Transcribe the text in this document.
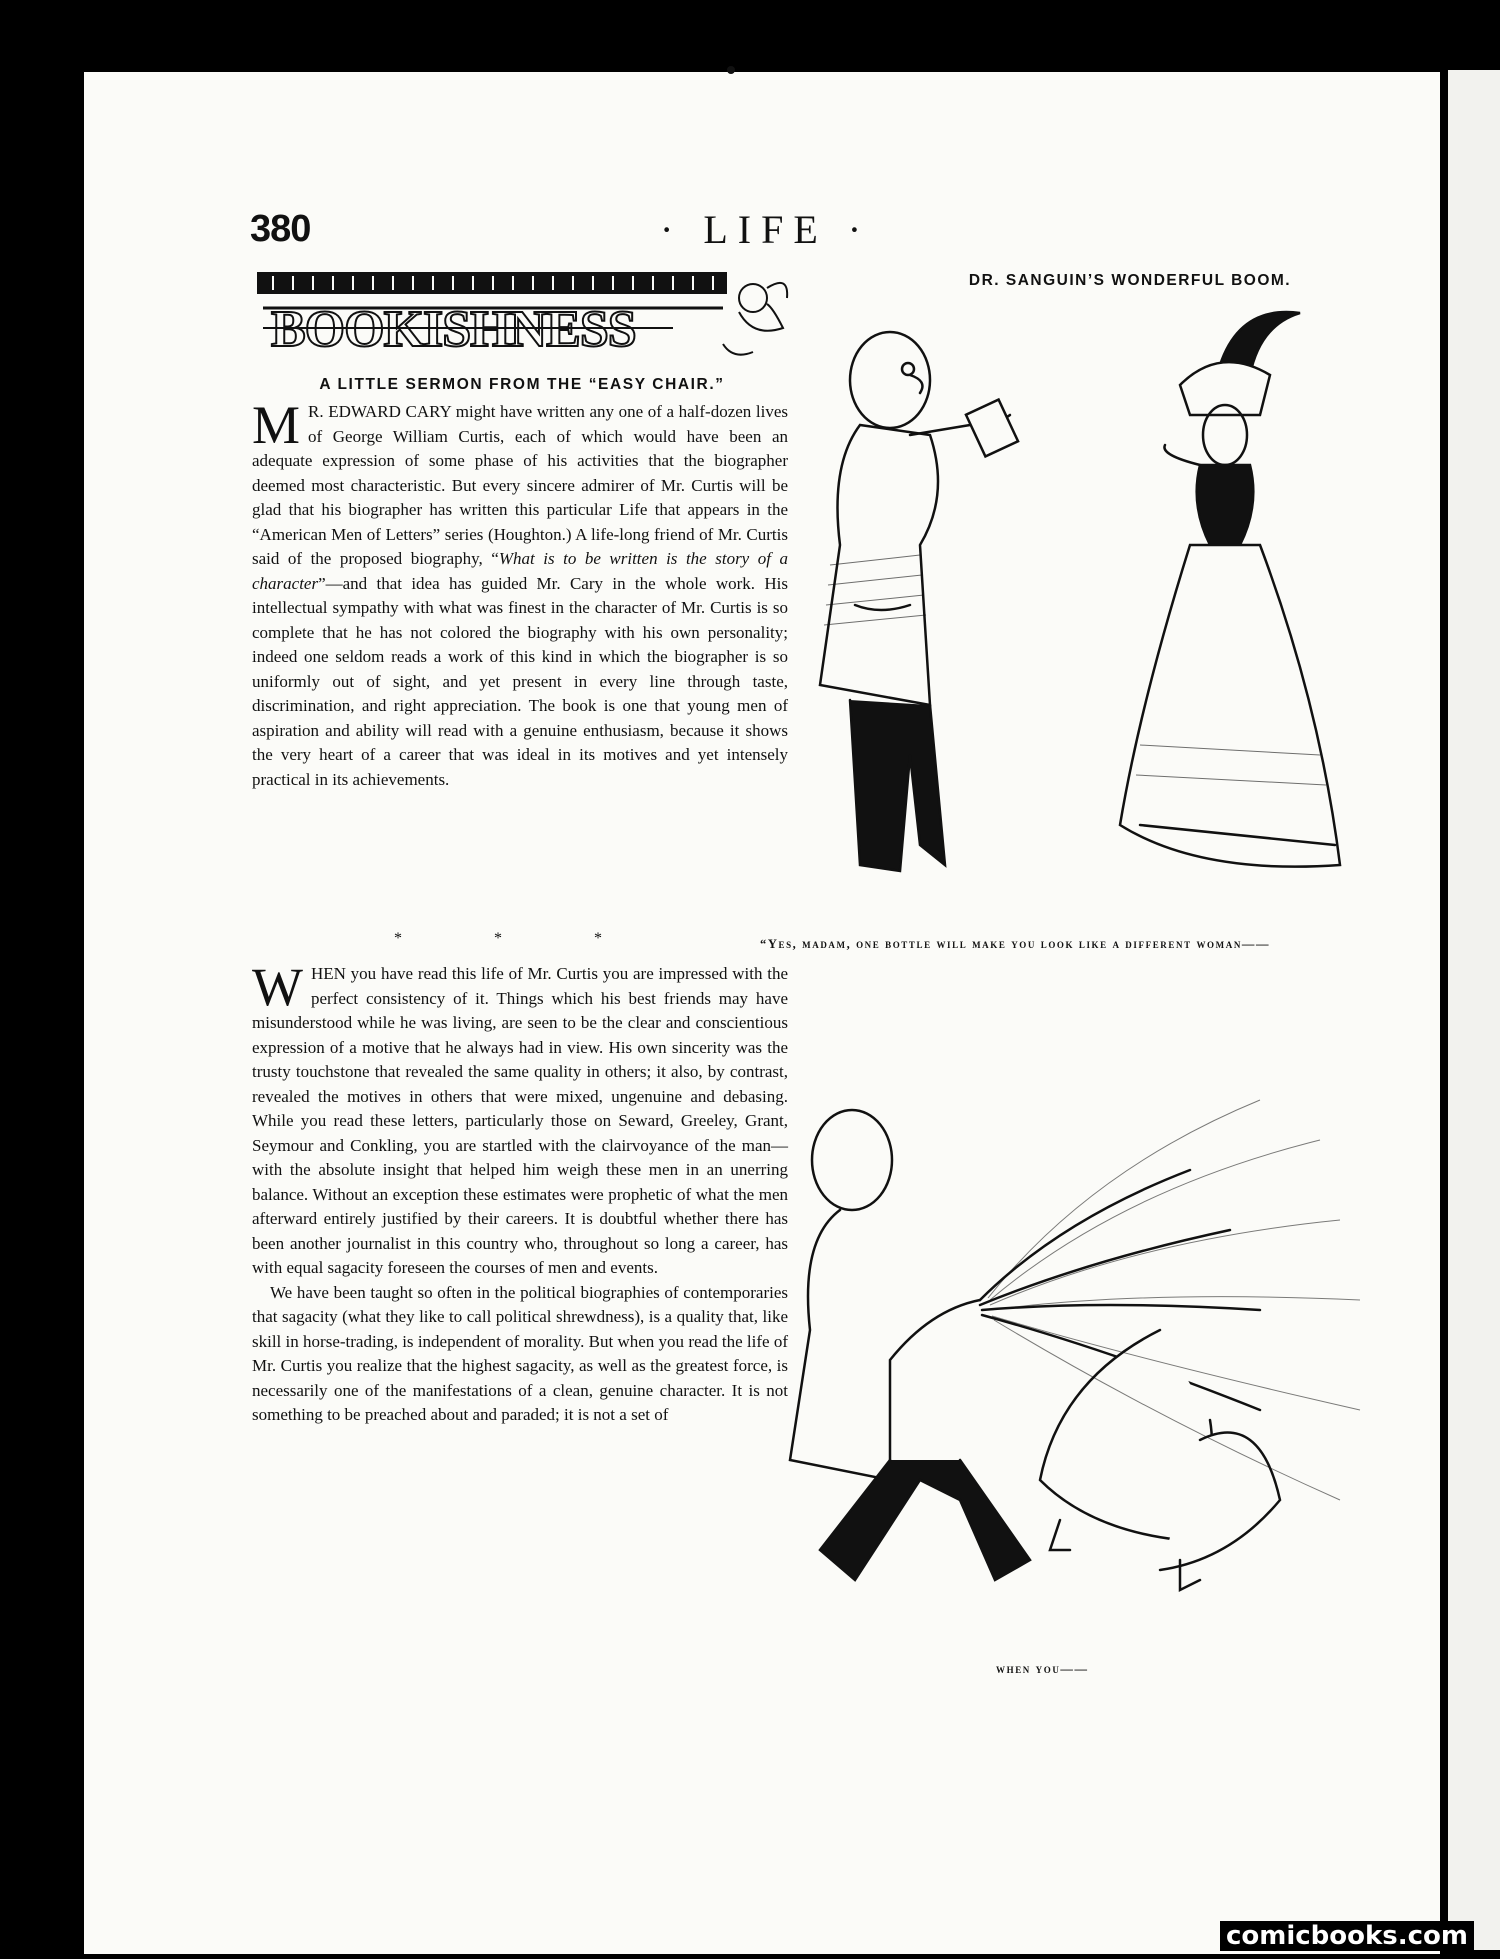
380	· LIFE ·
BOOKISHNESS
A LITTLE SERMON FROM THE “EASY CHAIR.”

M R. EDWARD CARY might have written any one of a half-dozen lives of George William Curtis, each of which would have been an adequate expression of some phase of his activities that the biographer deemed most characteristic. But every sincere admirer of Mr. Curtis will be glad that his biographer has written this particular Life that appears in the “American Men of Letters” series (Houghton.) A life-long friend of Mr. Curtis said of the proposed biography, “What is to be written is the story of a character”—and that idea has guided Mr. Cary in the whole work. His intellectual sympathy with what was finest in the character of Mr. Curtis is so complete that he has not colored the biography with his own personality; indeed one seldom reads a work of this kind in which the biographer is so uniformly out of sight, and yet present in every line through taste, discrimination, and right appreciation. The book is one that young men of aspiration and ability will read with a genuine enthusiasm, because it shows the very heart of a career that was ideal in its motives and yet intensely practical in its achievements.

* * *

WHEN you have read this life of Mr. Curtis you are impressed with the perfect consistency of it. Things which his best friends may have misunderstood while he was living, are seen to be the clear and conscientious expression of a motive that he always had in view. His own sincerity was the trusty touchstone that revealed the same quality in others; it also, by contrast, revealed the motives in others that were mixed, ungenuine and debasing. While you read these letters, particularly those on Seward, Greeley, Grant, Seymour and Conkling, you are startled with the clairvoyance of the man—with the absolute insight that helped him weigh these men in an unerring balance. Without an exception these estimates were prophetic of what the men afterward entirely justified by their careers. It is doubtful whether there has been another journalist in this country who, throughout so long a career, has with equal sagacity foreseen the courses of men and events.

We have been taught so often in the political biographies of contemporaries that sagacity (what they like to call political shrewdness), is a quality that, like skill in horse-trading, is independent of morality. But when you read the life of Mr. Curtis you realize that the highest sagacity, as well as the greatest force, is necessarily one of the manifestations of a clean, genuine character. It is not something to be preached about and paraded; it is not a set of

DR. SANGUIN’S WONDERFUL BOOM.
“Yes, madam, one bottle will make you look like a different woman——
when you——
comicbooks.com
